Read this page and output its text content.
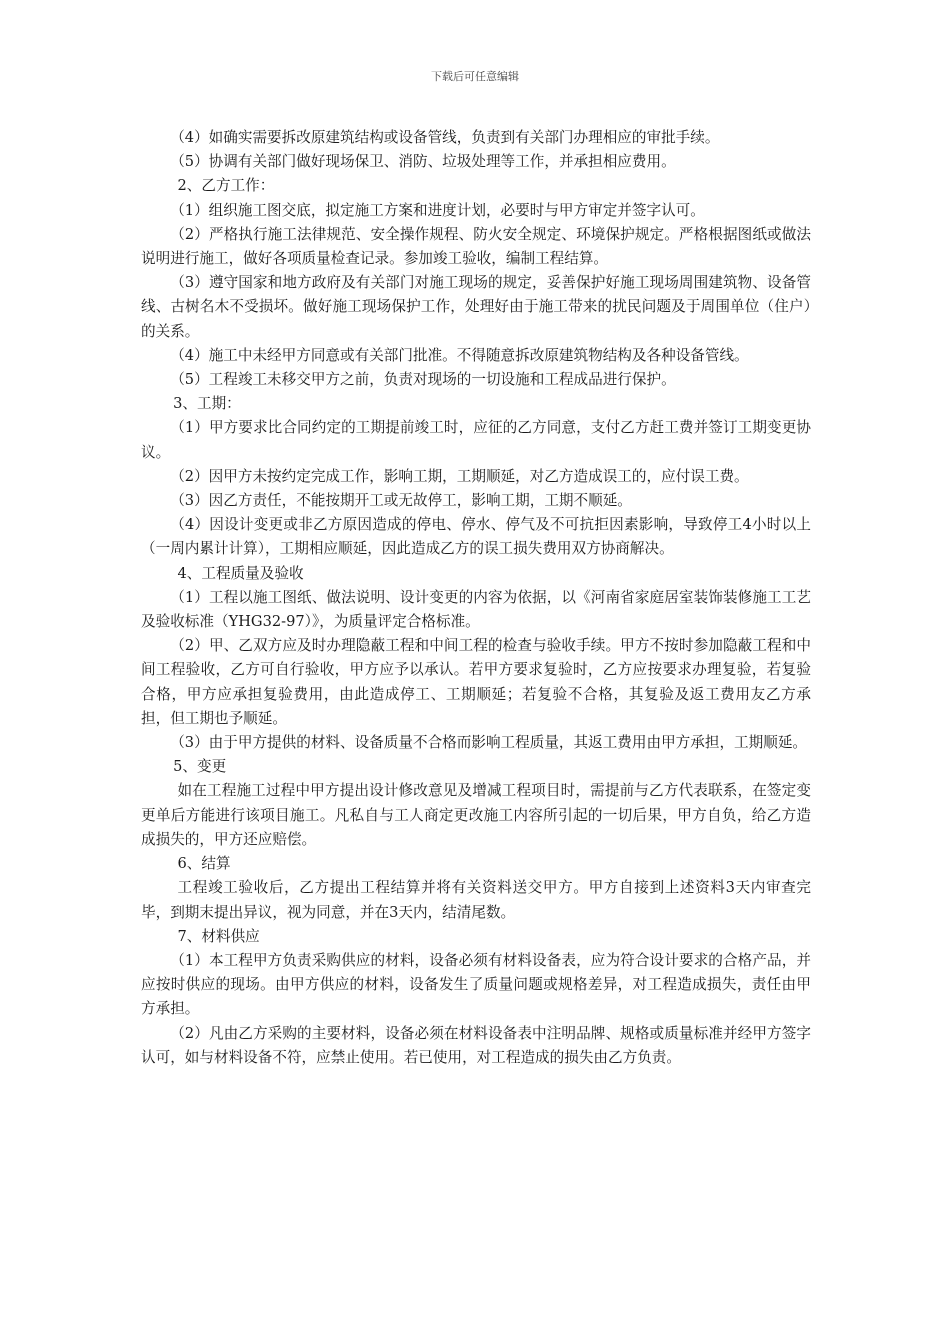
下载后可任意编辑

（4）如确实需要拆改原建筑结构或设备管线，负责到有关部门办理相应的审批手续。

（5）协调有关部门做好现场保卫、消防、垃圾处理等工作，并承担相应费用。

2、乙方工作：

（1）组织施工图交底，拟定施工方案和进度计划，必要时与甲方审定并签字认可。

（2）严格执行施工法律规范、安全操作规程、防火安全规定、环境保护规定。严格根据图纸或做法说明进行施工，做好各项质量检查记录。参加竣工验收，编制工程结算。

（3）遵守国家和地方政府及有关部门对施工现场的规定，妥善保护好施工现场周围建筑物、设备管线、古树名木不受损坏。做好施工现场保护工作，处理好由于施工带来的扰民问题及于周围单位（住户）的关系。

（4）施工中未经甲方同意或有关部门批准。不得随意拆改原建筑物结构及各种设备管线。

（5）工程竣工未移交甲方之前，负责对现场的一切设施和工程成品进行保护。

3、工期：

（1）甲方要求比合同约定的工期提前竣工时，应征的乙方同意，支付乙方赶工费并签订工期变更协议。

（2）因甲方未按约定完成工作，影响工期，工期顺延，对乙方造成误工的，应付误工费。

（3）因乙方责任，不能按期开工或无故停工，影响工期，工期不顺延。

（4）因设计变更或非乙方原因造成的停电、停水、停气及不可抗拒因素影响，导致停工4小时以上（一周内累计计算），工期相应顺延，因此造成乙方的误工损失费用双方协商解决。

4、工程质量及验收

（1）工程以施工图纸、做法说明、设计变更的内容为依据，以《河南省家庭居室装饰装修施工工艺及验收标准（YHG32-97）》，为质量评定合格标准。

（2）甲、乙双方应及时办理隐蔽工程和中间工程的检查与验收手续。甲方不按时参加隐蔽工程和中间工程验收，乙方可自行验收，甲方应予以承认。若甲方要求复验时，乙方应按要求办理复验，若复验合格，甲方应承担复验费用，由此造成停工、工期顺延；若复验不合格，其复验及返工费用友乙方承担，但工期也予顺延。

（3）由于甲方提供的材料、设备质量不合格而影响工程质量，其返工费用由甲方承担，工期顺延。

5、变更

如在工程施工过程中甲方提出设计修改意见及增减工程项目时，需提前与乙方代表联系，在签定变更单后方能进行该项目施工。凡私自与工人商定更改施工内容所引起的一切后果，甲方自负，给乙方造成损失的，甲方还应赔偿。

6、结算

工程竣工验收后，乙方提出工程结算并将有关资料送交甲方。甲方自接到上述资料3天内审查完毕，到期末提出异议，视为同意，并在3天内，结清尾数。

7、材料供应

（1）本工程甲方负责采购供应的材料，设备必须有材料设备表，应为符合设计要求的合格产品，并应按时供应的现场。由甲方供应的材料，设备发生了质量问题或规格差异，对工程造成损失，责任由甲方承担。

（2）凡由乙方采购的主要材料，设备必须在材料设备表中注明品牌、规格或质量标准并经甲方签字认可，如与材料设备不符，应禁止使用。若已使用，对工程造成的损失由乙方负责。
